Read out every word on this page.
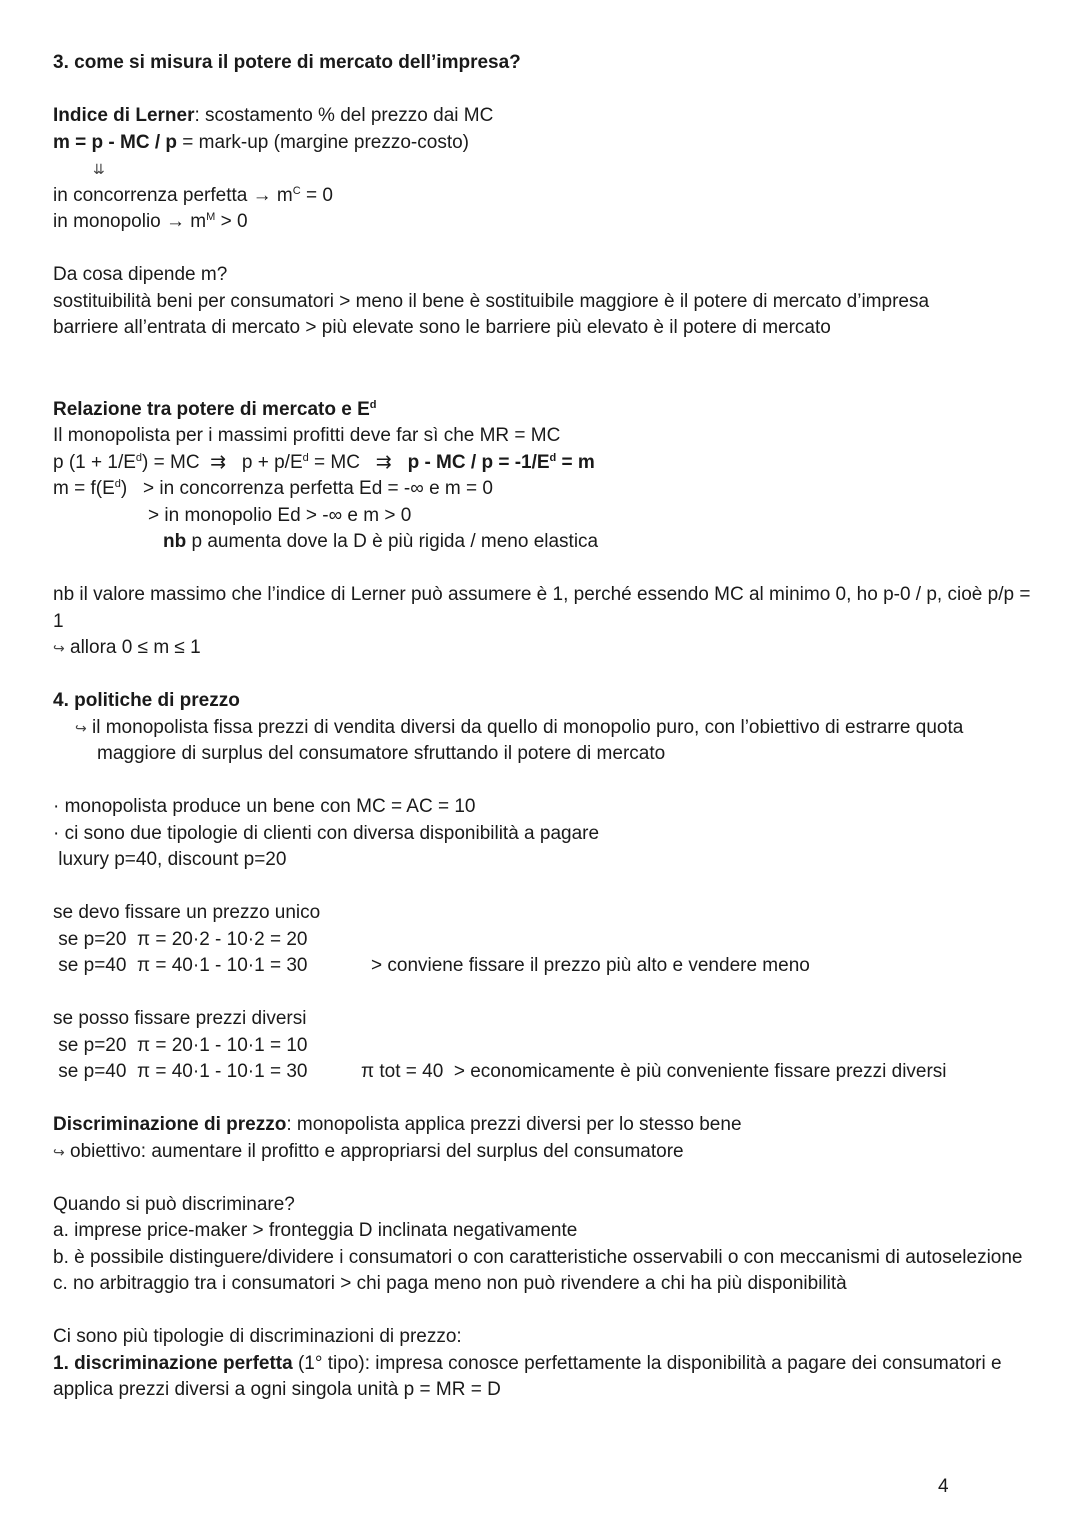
3. come si misura il potere di mercato dell’impresa?
Indice di Lerner: scostamento % del prezzo dai MC
m = p - MC / p = mark-up (margine prezzo-costo)
⇊
in concorrenza perfetta → $m^C = 0$
in monopolio → $m^M > 0$
Da cosa dipende m?
sostituibilità beni per consumatori > meno il bene è sostituibile maggiore è il potere di mercato d’impresa
barriere all’entrata di mercato > più elevate sono le barriere più elevato è il potere di mercato
Relazione tra potere di mercato e $E^d$
Il monopolista per i massimi profitti deve far sì che MR = MC
p $(1 + 1/E^d)$ = MC  ⇉   $p + p/E^d$ = MC   ⇉   p - MC / $p = -1/E^d = m$
$m = f(E^d)$   > in concorrenza perfetta Ed = -∞ e m = 0
> in monopolio Ed > -∞ e m > 0
nb p aumenta dove la D è più rigida / meno elastica
nb il valore massimo che l’indice di Lerner può assumere è 1, perché essendo MC al minimo 0, ho p-0 / p, cioè p/p = 1
↪ allora 0 ≤ m ≤ 1
4. politiche di prezzo
↪ il monopolista fissa prezzi di vendita diversi da quello di monopolio puro, con l’obiettivo di estrarre quota maggiore di surplus del consumatore sfruttando il potere di mercato
· monopolista produce un bene con MC = AC = 10
· ci sono due tipologie di clienti con diversa disponibilità a pagare
luxury p=40, discount p=20
se devo fissare un prezzo unico
se p=20  π = 20·2 - 10·2 = 20
se p=40  π = 40·1 - 10·1 = 30	> conviene fissare il prezzo più alto e vendere meno
se posso fissare prezzi diversi
se p=20  π = 20·1 - 10·1 = 10
se p=40  π = 40·1 - 10·1 = 30	π tot = 40  > economicamente è più conveniente fissare prezzi diversi
Discriminazione di prezzo: monopolista applica prezzi diversi per lo stesso bene
↪ obiettivo: aumentare il profitto e appropriarsi del surplus del consumatore
Quando si può discriminare?
a. imprese price-maker > fronteggia D inclinata negativamente
b. è possibile distinguere/dividere i consumatori o con caratteristiche osservabili o con meccanismi di autoselezione
c. no arbitraggio tra i consumatori > chi paga meno non può rivendere a chi ha più disponibilità
Ci sono più tipologie di discriminazioni di prezzo:
1. discriminazione perfetta (1° tipo): impresa conosce perfettamente la disponibilità a pagare dei consumatori e applica prezzi diversi a ogni singola unità p = MR = D
4
